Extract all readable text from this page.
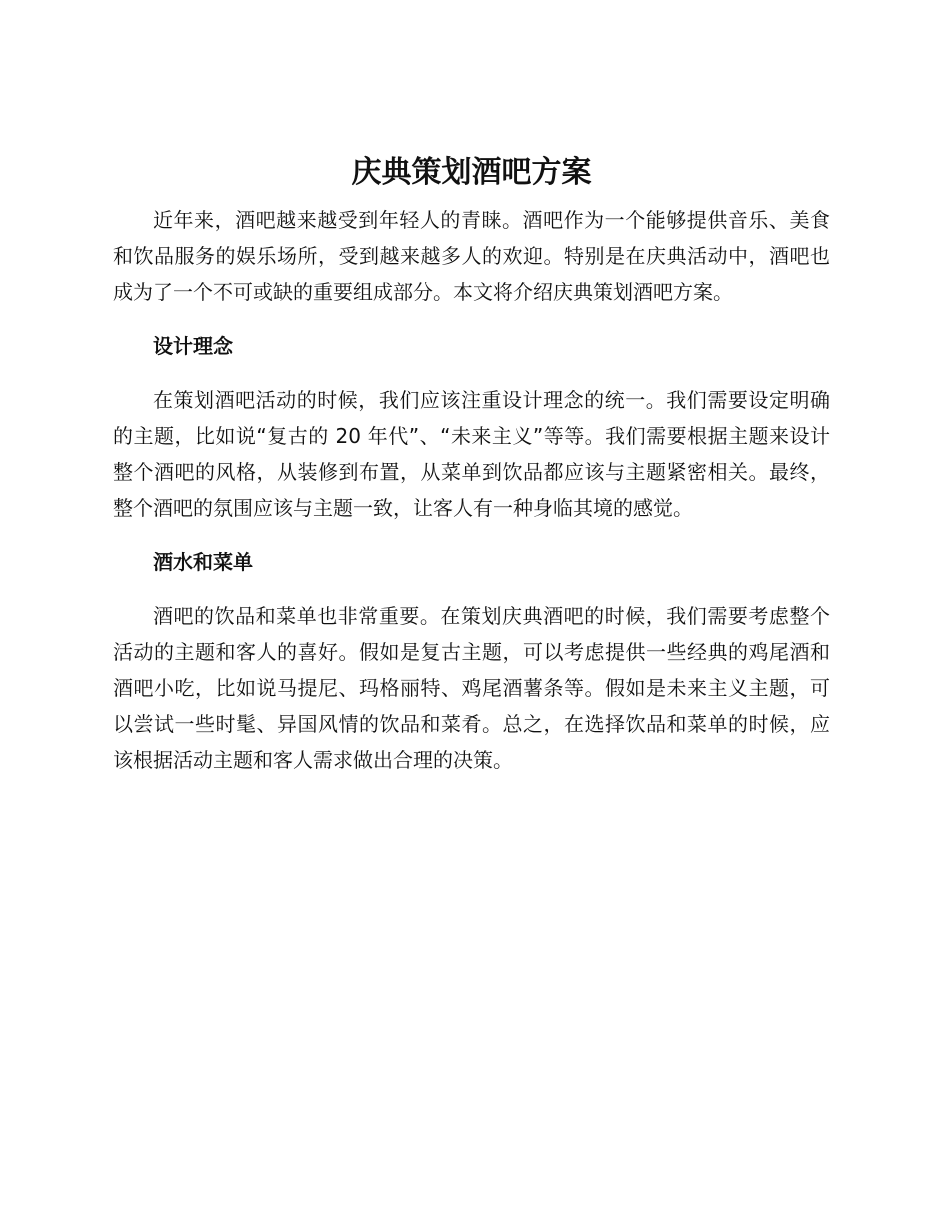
庆典策划酒吧方案

近年来，酒吧越来越受到年轻人的青睐。酒吧作为一个能够提供音乐、美食和饮品服务的娱乐场所，受到越来越多人的欢迎。特别是在庆典活动中，酒吧也成为了一个不可或缺的重要组成部分。本文将介绍庆典策划酒吧方案。

设计理念

在策划酒吧活动的时候，我们应该注重设计理念的统一。我们需要设定明确的主题，比如说“复古的 20 年代”、“未来主义”等等。我们需要根据主题来设计整个酒吧的风格，从装修到布置，从菜单到饮品都应该与主题紧密相关。最终，整个酒吧的氛围应该与主题一致，让客人有一种身临其境的感觉。

酒水和菜单

酒吧的饮品和菜单也非常重要。在策划庆典酒吧的时候，我们需要考虑整个活动的主题和客人的喜好。假如是复古主题，可以考虑提供一些经典的鸡尾酒和酒吧小吃，比如说马提尼、玛格丽特、鸡尾酒薯条等。假如是未来主义主题，可以尝试一些时髦、异国风情的饮品和菜肴。总之，在选择饮品和菜单的时候，应该根据活动主题和客人需求做出合理的决策。
